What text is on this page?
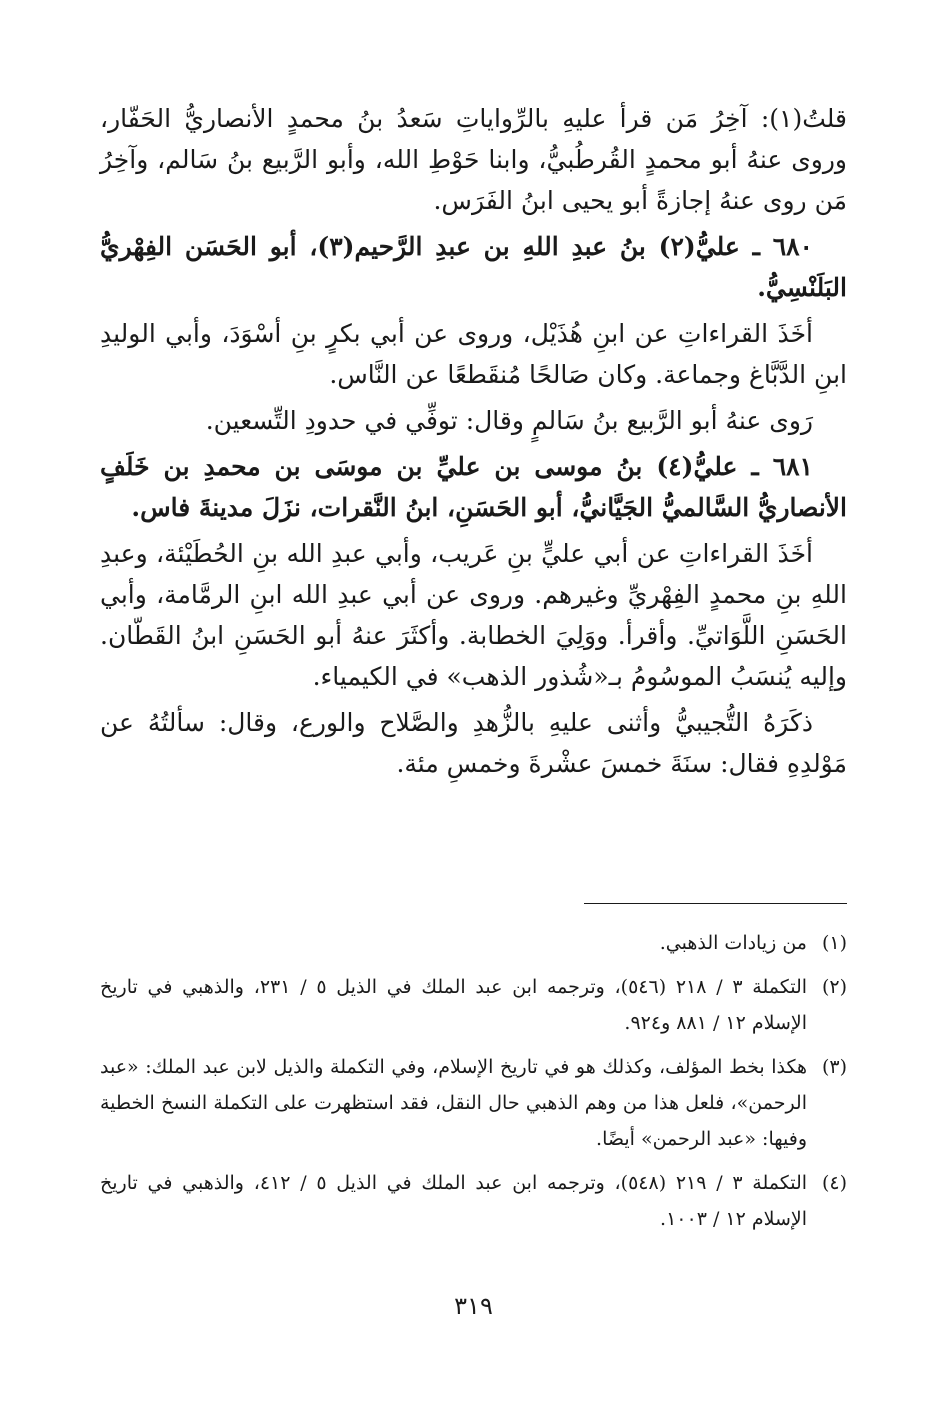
قلتُ(١): آخِرُ مَن قرأ عليهِ بالرِّواياتِ سَعدُ بنُ محمدٍ الأنصاريُّ الحَفّار، وروى عنهُ أبو محمدٍ القُرطُبيُّ، وابنا حَوْطِ الله، وأبو الرَّبيع بنُ سَالم، وآخِرُ مَن روى عنهُ إجازةً أبو يحيى ابنُ الفَرَس.

٦٨٠ ـ عليُّ(٢) بنُ عبدِ اللهِ بن عبدِ الرَّحيم(٣)، أبو الحَسَن الفِهْريُّ البَلَنْسِيُّ.

أخَذَ القراءاتِ عن ابنِ هُذَيْل، وروى عن أبي بكرٍ بنِ أسْوَدَ، وأبي الوليدِ ابنِ الدَّبَّاغ وجماعة. وكان صَالحًا مُنقَطعًا عن النَّاس.

رَوى عنهُ أبو الرَّبيع بنُ سَالمٍ وقال: توفِّي في حدودِ التِّسعين.

٦٨١ ـ عليُّ(٤) بنُ موسى بن عليِّ بن موسَى بن محمدِ بن خَلَفٍ الأنصاريُّ السَّالميُّ الجَيَّانيُّ، أبو الحَسَنِ، ابنُ النَّقرات، نزَلَ مدينةَ فاس.

أخَذَ القراءاتِ عن أبي عليٍّ بنِ عَريب، وأبي عبدِ الله بنِ الحُطَيْئة، وعبدِ اللهِ بنِ محمدٍ الفِهْريِّ وغيرهم. وروى عن أبي عبدِ الله ابنِ الرمَّامة، وأبي الحَسَنِ اللَّوَاتيِّ. وأقرأ. ووَلِيَ الخطابة. وأكثَرَ عنهُ أبو الحَسَنِ ابنُ القَطّان. وإليه يُنسَبُ الموسُومُ بـ«شُذور الذهب» في الكيمياء.

ذكَرَهُ التُّجيبيُّ وأثنى عليهِ بالزُّهدِ والصَّلاح والورع، وقال: سألتُهُ عن مَوْلدِهِ فقال: سنَةَ خمسَ عشْرةَ وخمسِ مئة.

(١)
من زيادات الذهبي.
(٢)
التكملة ٣ / ٢١٨ (٥٤٦)، وترجمه ابن عبد الملك في الذيل ٥ / ٢٣١، والذهبي في تاريخ الإسلام ١٢ / ٨٨١ و٩٢٤.
(٣)
هكذا بخط المؤلف، وكذلك هو في تاريخ الإسلام، وفي التكملة والذيل لابن عبد الملك: «عبد الرحمن»، فلعل هذا من وهم الذهبي حال النقل، فقد استظهرت على التكملة النسخ الخطية وفيها: «عبد الرحمن» أيضًا.
(٤)
التكملة ٣ / ٢١٩ (٥٤٨)، وترجمه ابن عبد الملك في الذيل ٥ / ٤١٢، والذهبي في تاريخ الإسلام ١٢ / ١٠٠٣.
٣١٩
